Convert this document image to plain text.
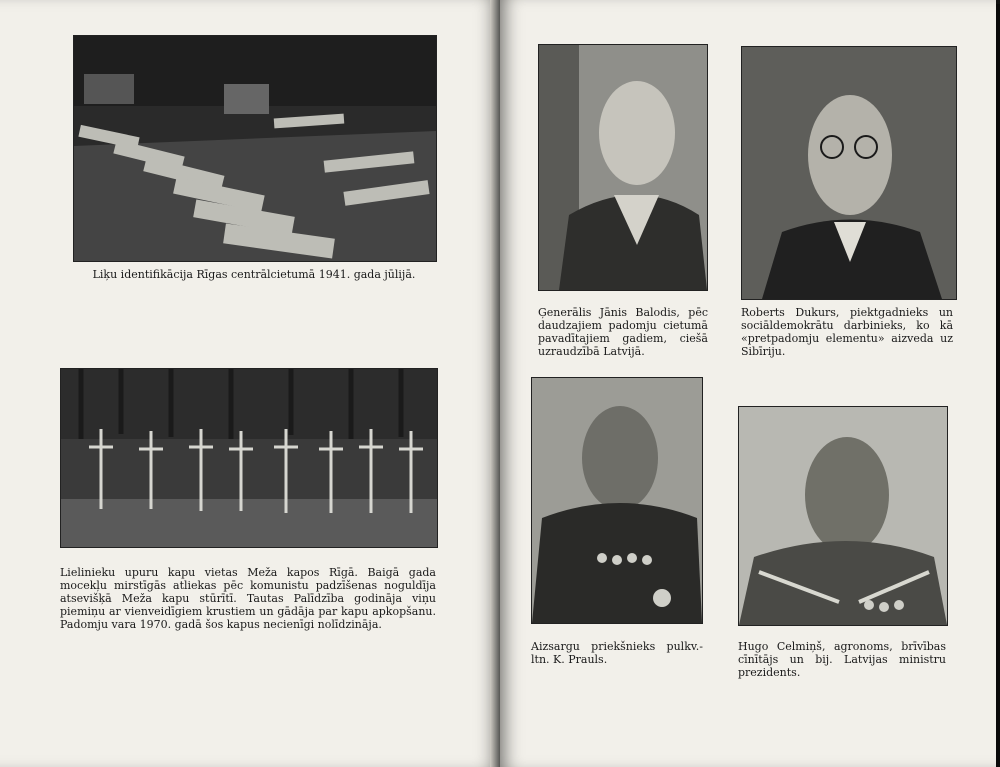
Liķu identifikācija Rīgas centrālcietumā 1941. gada jūlijā.
Lielinieku upuru kapu vietas Meža kapos Rīgā. Baigā gada mocekļu mirstīgās atliekas pēc komunistu padzīšenas noguldīja atsevišķā Meža kapu stūrītī. Tautas Palīdzība godināja viņu piemiņu ar vienveidīgiem krustiem un gādāja par kapu apkopšanu. Padomju vara 1970. gadā šos kapus necienīgi nolīdzināja.
Ģenerālis Jānis Balodis, pēc daudzajiem padomju cietumā pavadītajiem gadiem, ciešā uzraudzībā Latvijā.
Roberts Dukurs, piektgadnieks un sociāldemokrātu darbinieks, ko kā «pretpadomju elementu» aizveda uz Sibīriju.
Aizsargu priekšnieks pulkv.-ltn. K. Prauls.
Hugo Celmiņš, agronoms, brīvības cīnītājs un bij. Latvijas ministru prezidents.
